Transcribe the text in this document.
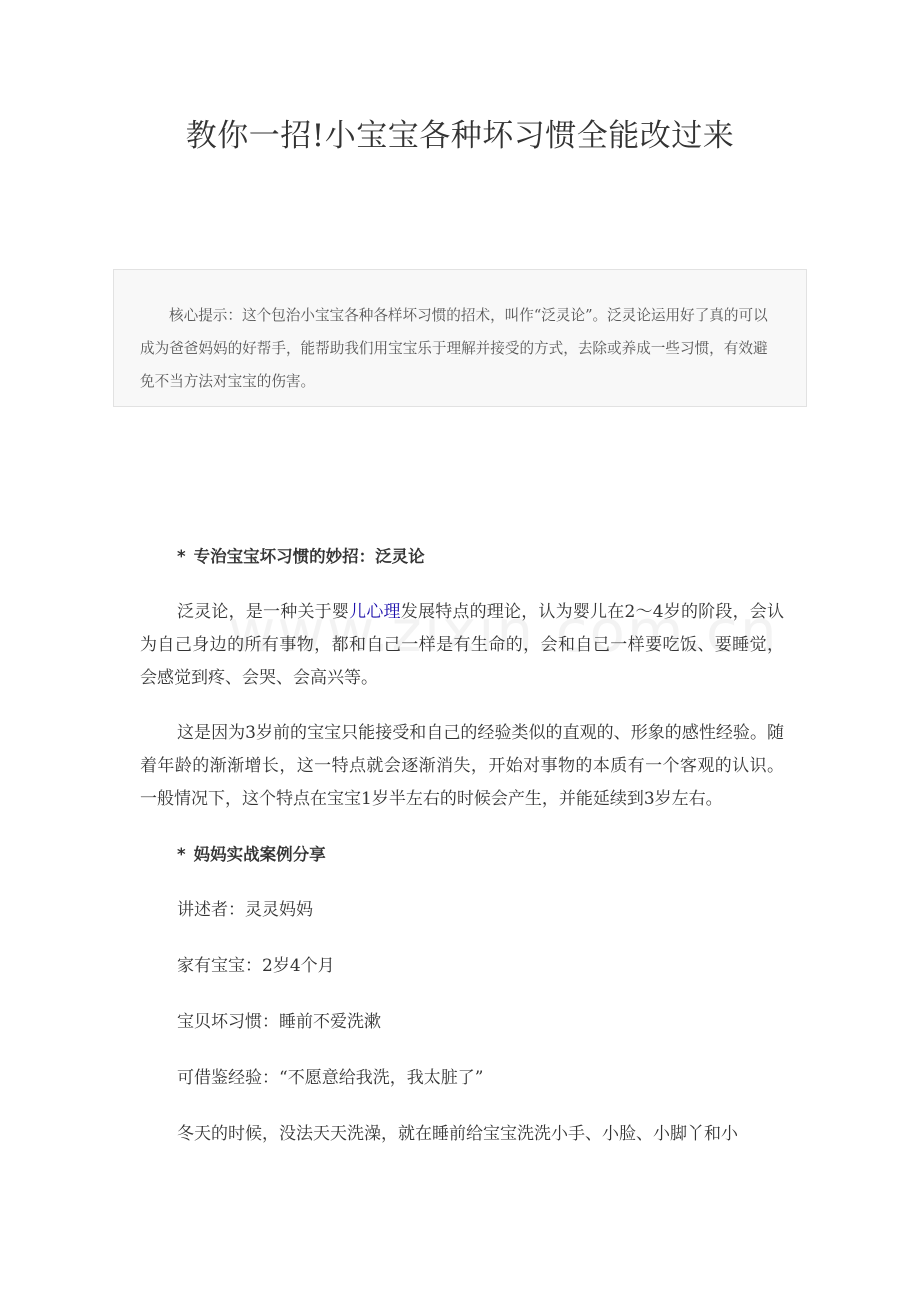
教你一招!小宝宝各种坏习惯全能改过来

核心提示：这个包治小宝宝各种各样坏习惯的招术，叫作“泛灵论”。泛灵论运用好了真的可以成为爸爸妈妈的好帮手，能帮助我们用宝宝乐于理解并接受的方式，去除或养成一些习惯，有效避免不当方法对宝宝的伤害。

* 专治宝宝坏习惯的妙招：泛灵论

泛灵论，是一种关于婴儿心理发展特点的理论，认为婴儿在2～4岁的阶段，会认为自己身边的所有事物，都和自己一样是有生命的，会和自己一样要吃饭、要睡觉，会感觉到疼、会哭、会高兴等。

这是因为3岁前的宝宝只能接受和自己的经验类似的直观的、形象的感性经验。随着年龄的渐渐增长，这一特点就会逐渐消失，开始对事物的本质有一个客观的认识。一般情况下，这个特点在宝宝1岁半左右的时候会产生，并能延续到3岁左右。

* 妈妈实战案例分享

讲述者：灵灵妈妈

家有宝宝：2岁4个月

宝贝坏习惯：睡前不爱洗漱

可借鉴经验：“不愿意给我洗，我太脏了”

冬天的时候，没法天天洗澡，就在睡前给宝宝洗洗小手、小脸、小脚丫和小
